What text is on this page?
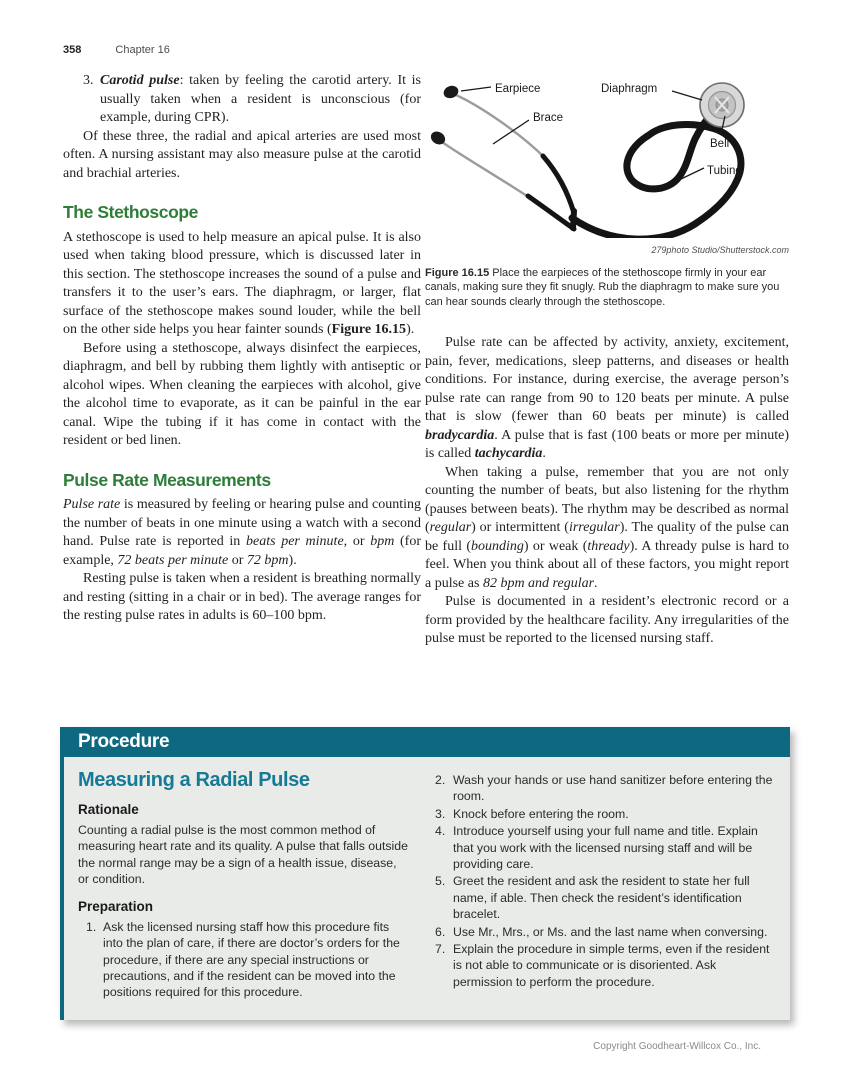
358	Chapter 16
3. Carotid pulse: taken by feeling the carotid artery. It is usually taken when a resident is unconscious (for example, during CPR).

Of these three, the radial and apical arteries are used most often. A nursing assistant may also measure pulse at the carotid and brachial arteries.

The Stethoscope

A stethoscope is used to help measure an apical pulse. It is also used when taking blood pressure, which is discussed later in this section. The stethoscope increases the sound of a pulse and transfers it to the user’s ears. The diaphragm, or larger, flat surface of the stethoscope makes sound louder, while the bell on the other side helps you hear fainter sounds (Figure 16.15).

Before using a stethoscope, always disinfect the earpieces, diaphragm, and bell by rubbing them lightly with antiseptic or alcohol wipes. When cleaning the earpieces with alcohol, give the alcohol time to evaporate, as it can be painful in the ear canal. Wipe the tubing if it has come in contact with the resident or bed linen.

Pulse Rate Measurements

Pulse rate is measured by feeling or hearing pulse and counting the number of beats in one minute using a watch with a second hand. Pulse rate is reported in beats per minute, or bpm (for example, 72 beats per minute or 72 bpm).

Resting pulse is taken when a resident is breathing normally and resting (sitting in a chair or in bed). The average ranges for the resting pulse rates in adults is 60–100 bpm.

Earpiece	Diaphragm
Brace
Bell
Tubing
279photo Studio/Shutterstock.com
Figure 16.15 Place the earpieces of the stethoscope firmly in your ear canals, making sure they fit snugly. Rub the diaphragm to make sure you can hear sounds clearly through the stethoscope.

Pulse rate can be affected by activity, anxiety, excitement, pain, fever, medications, sleep patterns, and diseases or health conditions. For instance, during exercise, the average person’s pulse rate can range from 90 to 120 beats per minute. A pulse that is slow (fewer than 60 beats per minute) is called bradycardia. A pulse that is fast (100 beats or more per minute) is called tachycardia.

When taking a pulse, remember that you are not only counting the number of beats, but also listening for the rhythm (pauses between beats). The rhythm may be described as normal (regular) or intermittent (irregular). The quality of the pulse can be full (bounding) or weak (thready). A thready pulse is hard to feel. When you think about all of these factors, you might report a pulse as 82 bpm and regular.

Pulse is documented in a resident’s electronic record or a form provided by the healthcare facility. Any irregularities of the pulse must be reported to the licensed nursing staff.

Procedure
Measuring a Radial Pulse
Rationale

Counting a radial pulse is the most common method of measuring heart rate and its quality. A pulse that falls outside the normal range may be a sign of a health issue, disease, or condition.

Preparation
1. Ask the licensed nursing staff how this procedure fits into the plan of care, if there are doctor’s orders for the procedure, if there are any special instructions or precautions, and if the resident can be moved into the positions required for this procedure.
2. Wash your hands or use hand sanitizer before entering the room.
3. Knock before entering the room.
4. Introduce yourself using your full name and title. Explain that you work with the licensed nursing staff and will be providing care.
5. Greet the resident and ask the resident to state her full name, if able. Then check the resident’s identification bracelet.
6. Use Mr., Mrs., or Ms. and the last name when conversing.
7. Explain the procedure in simple terms, even if the resident is not able to communicate or is disoriented. Ask permission to perform the procedure.
Copyright Goodheart-Willcox Co., Inc.
